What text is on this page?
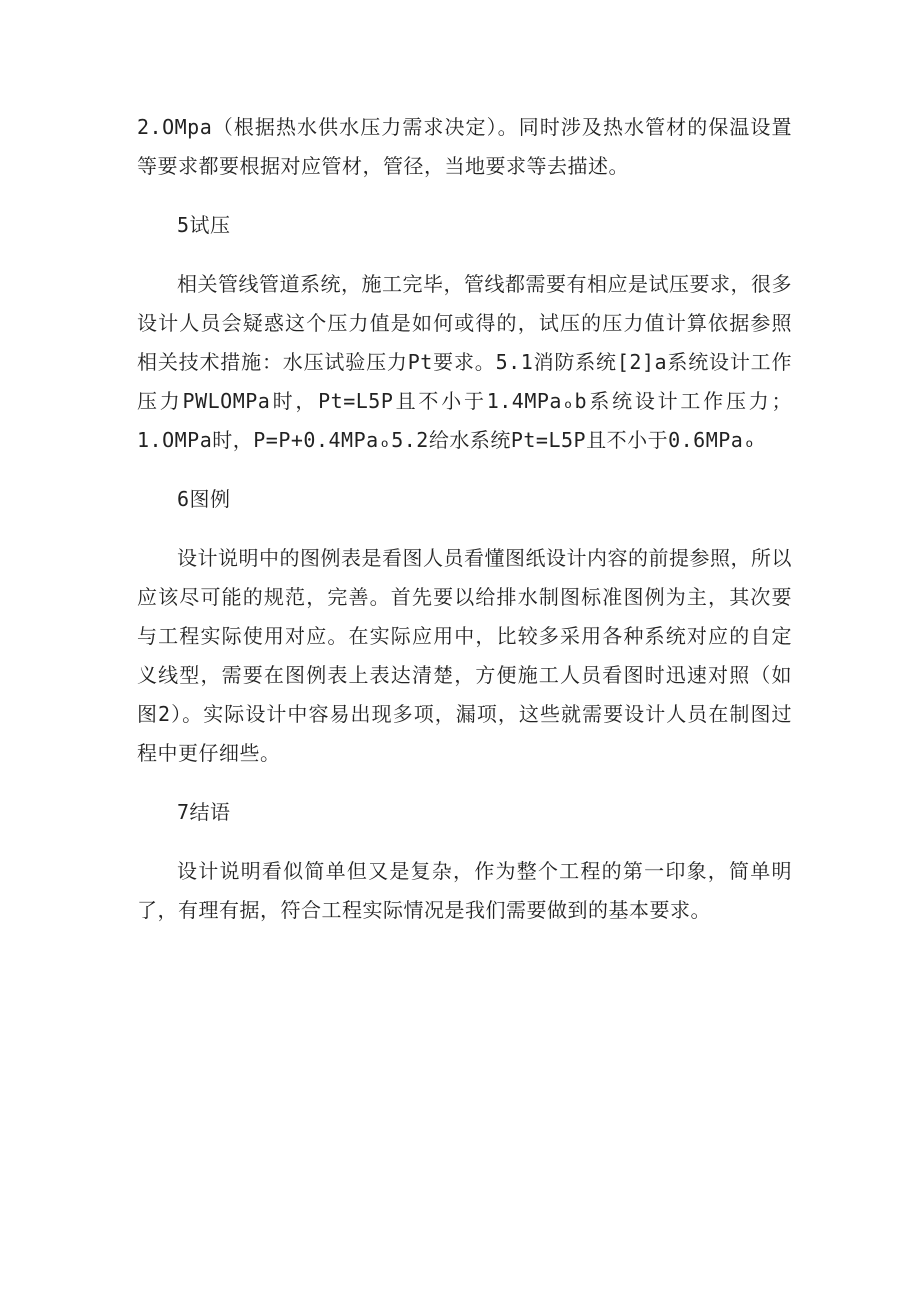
2.OMpa（根据热水供水压力需求决定）。同时涉及热水管材的保温设置等要求都要根据对应管材，管径，当地要求等去描述。

5试压

相关管线管道系统，施工完毕，管线都需要有相应是试压要求，很多设计人员会疑惑这个压力值是如何或得的，试压的压力值计算依据参照相关技术措施：水压试验压力Pt要求。5.1消防系统[2]a系统设计工作压力PWLOMPa时，Pt=L5P且不小于1.4MPaₒb系统设计工作压力；1.OMPa时，P=P+0.4MPaₒ5.2给水系统Pt=L5P且不小于0.6MPaₒ

6图例

设计说明中的图例表是看图人员看懂图纸设计内容的前提参照，所以应该尽可能的规范，完善。首先要以给排水制图标准图例为主，其次要与工程实际使用对应。在实际应用中，比较多采用各种系统对应的自定义线型，需要在图例表上表达清楚，方便施工人员看图时迅速对照（如图2）。实际设计中容易出现多项，漏项，这些就需要设计人员在制图过程中更仔细些。

7结语

设计说明看似简单但又是复杂，作为整个工程的第一印象，简单明了，有理有据，符合工程实际情况是我们需要做到的基本要求。
